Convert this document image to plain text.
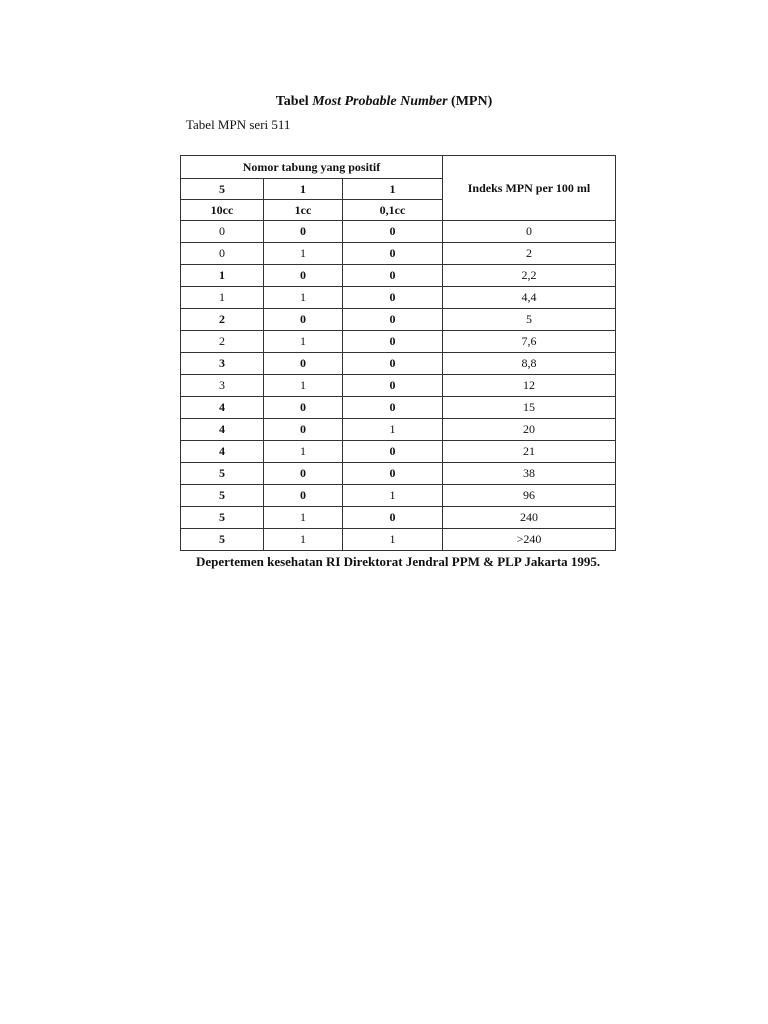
Tabel Most Probable Number (MPN)
Tabel MPN seri 511
Nomor tabung yang positif			Indeks MPN per 100 ml
5	1	1	
10cc	1cc	0,1cc	
0	0	0	0
0	1	0	2
1	0	0	2,2
1	1	0	4,4
2	0	0	5
2	1	0	7,6
3	0	0	8,8
3	1	0	12
4	0	0	15
4	0	1	20
4	1	0	21
5	0	0	38
5	0	1	96
5	1	0	240
5	1	1	>240
Depertemen kesehatan RI Direktorat Jendral PPM & PLP Jakarta 1995.
